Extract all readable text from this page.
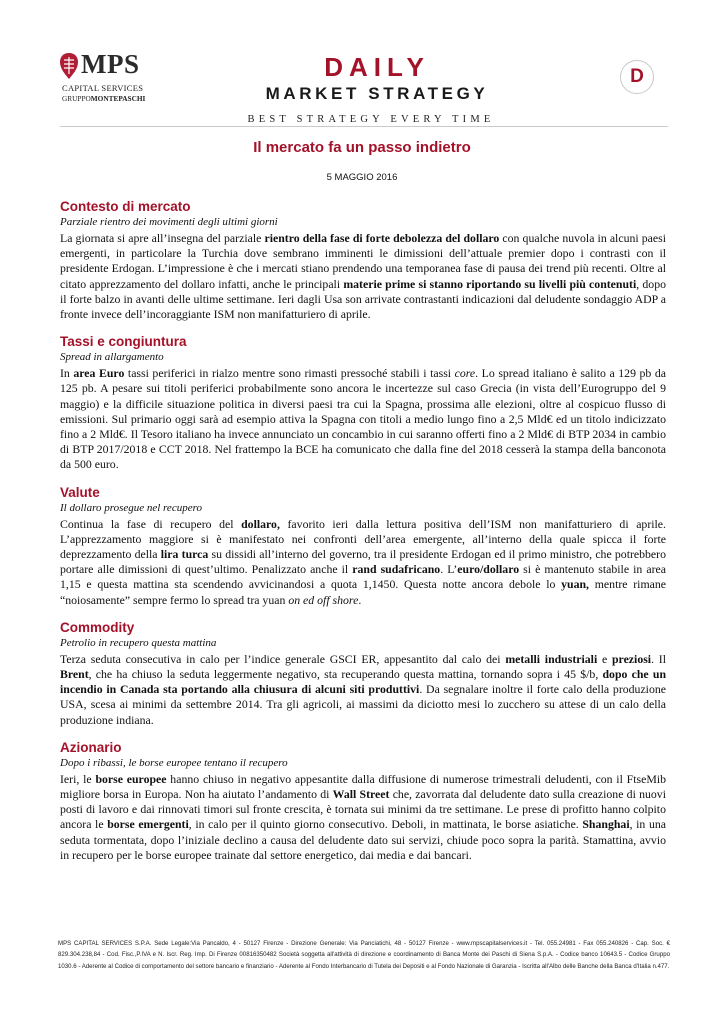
MPS
CAPITAL SERVICES
GRUPPOMONTEPASCHI
DAILY
MARKET STRATEGY
D
BEST STRATEGY EVERY TIME
Il mercato fa un passo indietro
5 MAGGIO 2016
Contesto di mercato
Parziale rientro dei movimenti degli ultimi giorni

La giornata si apre all’insegna del parziale rientro della fase di forte debolezza del dollaro con qualche nuvola in alcuni paesi emergenti, in particolare la Turchia dove sembrano imminenti le dimissioni dell’attuale premier dopo i contrasti con il presidente Erdogan. L’impressione è che i mercati stiano prendendo una temporanea fase di pausa dei trend più recenti. Oltre al citato apprezzamento del dollaro infatti, anche le principali materie prime si stanno riportando su livelli più contenuti, dopo il forte balzo in avanti delle ultime settimane. Ieri dagli Usa son arrivate contrastanti indicazioni dal deludente sondaggio ADP a fronte invece dell’incoraggiante ISM non manifatturiero di aprile.

Tassi e congiuntura
Spread in allargamento

In area Euro tassi periferici in rialzo mentre sono rimasti pressoché stabili i tassi core. Lo spread italiano è salito a 129 pb da 125 pb. A pesare sui titoli periferici probabilmente sono ancora le incertezze sul caso Grecia (in vista dell’Eurogruppo del 9 maggio) e la difficile situazione politica in diversi paesi tra cui la Spagna, prossima alle elezioni, oltre al cospicuo flusso di emissioni. Sul primario oggi sarà ad esempio attiva la Spagna con titoli a medio lungo fino a 2,5 Mld€ ed un titolo indicizzato fino a 2 Mld€. Il Tesoro italiano ha invece annunciato un concambio in cui saranno offerti fino a 2 Mld€ di BTP 2034 in cambio di BTP 2017/2018 e CCT 2018. Nel frattempo la BCE ha comunicato che dalla fine del 2018 cesserà la stampa della banconota da 500 euro.

Valute
Il dollaro prosegue nel recupero

Continua la fase di recupero del dollaro, favorito ieri dalla lettura positiva dell’ISM non manifatturiero di aprile. L’apprezzamento maggiore si è manifestato nei confronti dell’area emergente, all’interno della quale spicca il forte deprezzamento della lira turca su dissidi all’interno del governo, tra il presidente Erdogan ed il primo ministro, che potrebbero portare alle dimissioni di quest’ultimo. Penalizzato anche il rand sudafricano. L’euro/dollaro si è mantenuto stabile in area 1,15 e questa mattina sta scendendo avvicinandosi a quota 1,1450. Questa notte ancora debole lo yuan, mentre rimane “noiosamente” sempre fermo lo spread tra yuan on ed off shore.

Commodity
Petrolio in recupero questa mattina

Terza seduta consecutiva in calo per l’indice generale GSCI ER, appesantito dal calo dei metalli industriali e preziosi. Il Brent, che ha chiuso la seduta leggermente negativo, sta recuperando questa mattina, tornando sopra i 45 $/b, dopo che un incendio in Canada sta portando alla chiusura di alcuni siti produttivi. Da segnalare inoltre il forte calo della produzione USA, scesa ai minimi da settembre 2014. Tra gli agricoli, ai massimi da diciotto mesi lo zucchero su attese di un calo della produzione indiana.

Azionario
Dopo i ribassi, le borse europee tentano il recupero

Ieri, le borse europee hanno chiuso in negativo appesantite dalla diffusione di numerose trimestrali deludenti, con il FtseMib migliore borsa in Europa. Non ha aiutato l’andamento di Wall Street che, zavorrata dal deludente dato sulla creazione di nuovi posti di lavoro e dai rinnovati timori sul fronte crescita, è tornata sui minimi da tre settimane. Le prese di profitto hanno colpito ancora le borse emergenti, in calo per il quinto giorno consecutivo. Deboli, in mattinata, le borse asiatiche. Shanghai, in una seduta tormentata, dopo l’iniziale declino a causa del deludente dato sui servizi, chiude poco sopra la parità. Stamattina, avvio in recupero per le borse europee trainate dal settore energetico, dai media e dai bancari.

MPS CAPITAL SERVICES S.P.A. Sede Legale:Via Pancaldo, 4 - 50127 Firenze - Direzione Generale: Via Panciatichi, 48 - 50127 Firenze - www.mpscapitalservices.it - Tel. 055.24981 - Fax 055.240826 - Cap. Soc. € 829.304.238,84 - Cod. Fisc.,P.IVA e N. Iscr. Reg. Imp. Di Firenze 00816350482 Società soggetta all'attività di direzione e coordinamento di Banca Monte dei Paschi di Siena S.p.A. - Codice banco 10643.5 - Codice Gruppo 1030.6 - Aderente al Codice di comportamento del settore bancario e finanziario - Aderente al Fondo Interbancario di Tutela dei Depositi e al Fondo Nazionale di Garanzia - Iscritta all'Albo delle Banche della Banca d'Italia n.477.
